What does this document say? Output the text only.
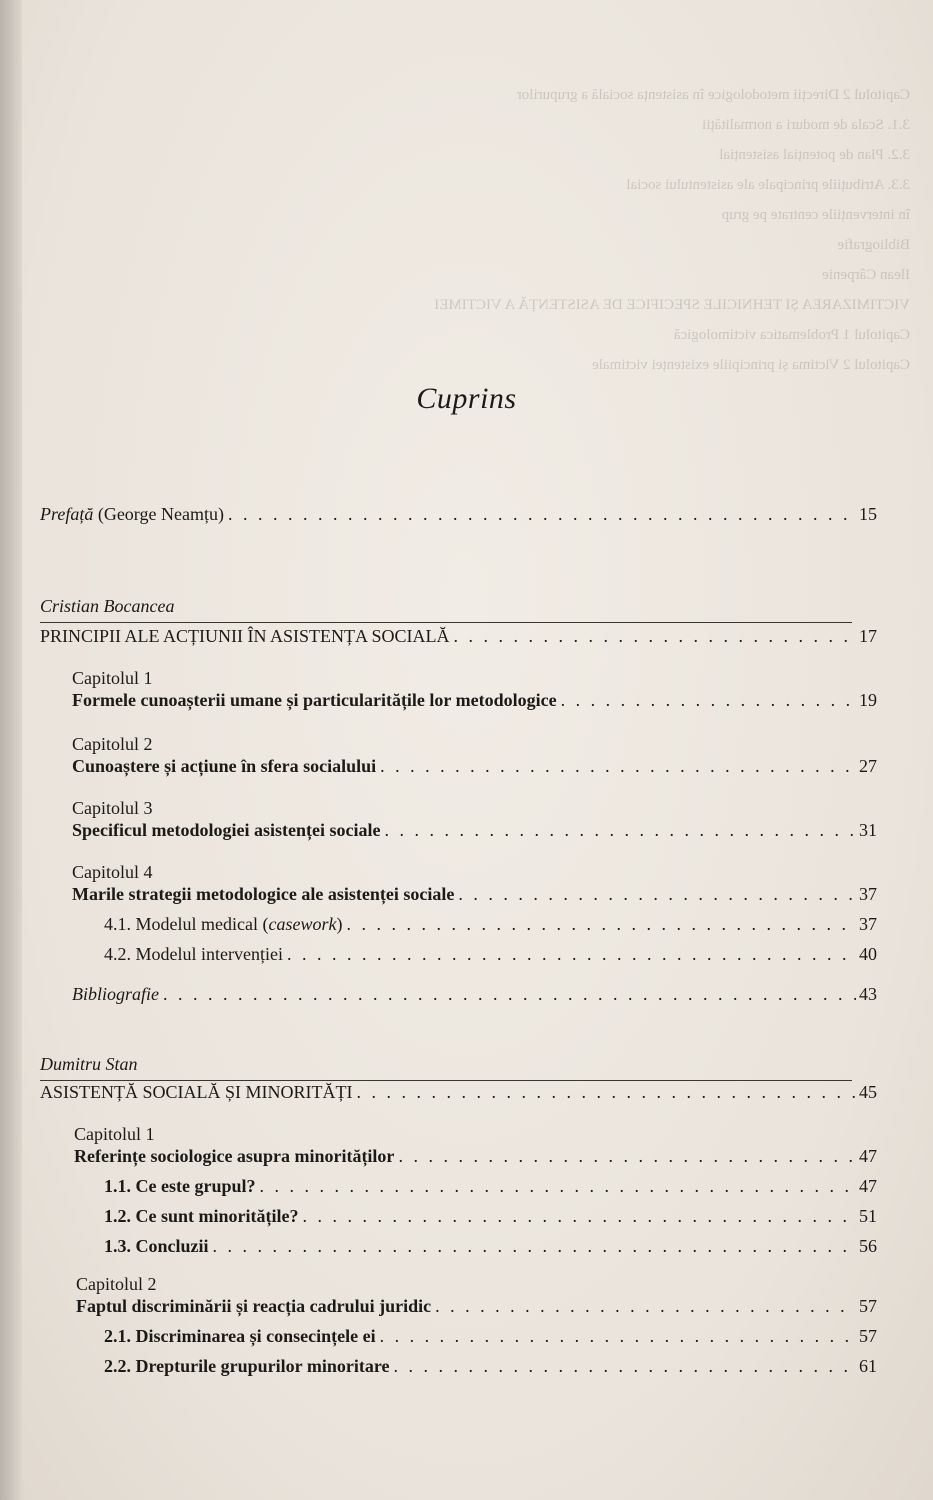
Capitolul 2 Direcții metodologice în asistența socială a grupurilor
3.1. Scala de moduri a normalității
3.2. Plan de potențial asistențial
3.3. Atribuțiile principale ale asistentului social
în intervențiile centrate pe grup
Bibliografie
Ilean Cârpenie
VICTIMIZAREA ȘI TEHNICILE SPECIFICE DE ASISTENȚĂ A VICTIMEI
Capitolul 1 Problematica victimologică
Capitolul 2 Victima și principiile existenței victimale
Cuprins
Prefață (George Neamțu) . . .	15
Cristian Bocancea
PRINCIPII ALE ACȚIUNII ÎN ASISTENȚA SOCIALĂ . . .	17
Capitolul 1
Formele cunoașterii umane și particularitățile lor metodologice . . .	19
Capitolul 2
Cunoaștere și acțiune în sfera socialului . . .	27
Capitolul 3
Specificul metodologiei asistenței sociale . . .	31
Capitolul 4
Marile strategii metodologice ale asistenței sociale . . .	37
4.1. Modelul medical (casework) . . .	37
4.2. Modelul intervenției . . .	40
Bibliografie . . .	43
Dumitru Stan
ASISTENȚĂ SOCIALĂ ȘI MINORITĂȚI . . .	45
Capitolul 1
Referințe sociologice asupra minorităților . . .	47
1.1. Ce este grupul? . . .	47
1.2. Ce sunt minoritățile? . . .	51
1.3. Concluzii . . .	56
Capitolul 2
Faptul discriminării și reacția cadrului juridic . . .	57
2.1. Discriminarea și consecințele ei . . .	57
2.2. Drepturile grupurilor minoritare . . .	61
